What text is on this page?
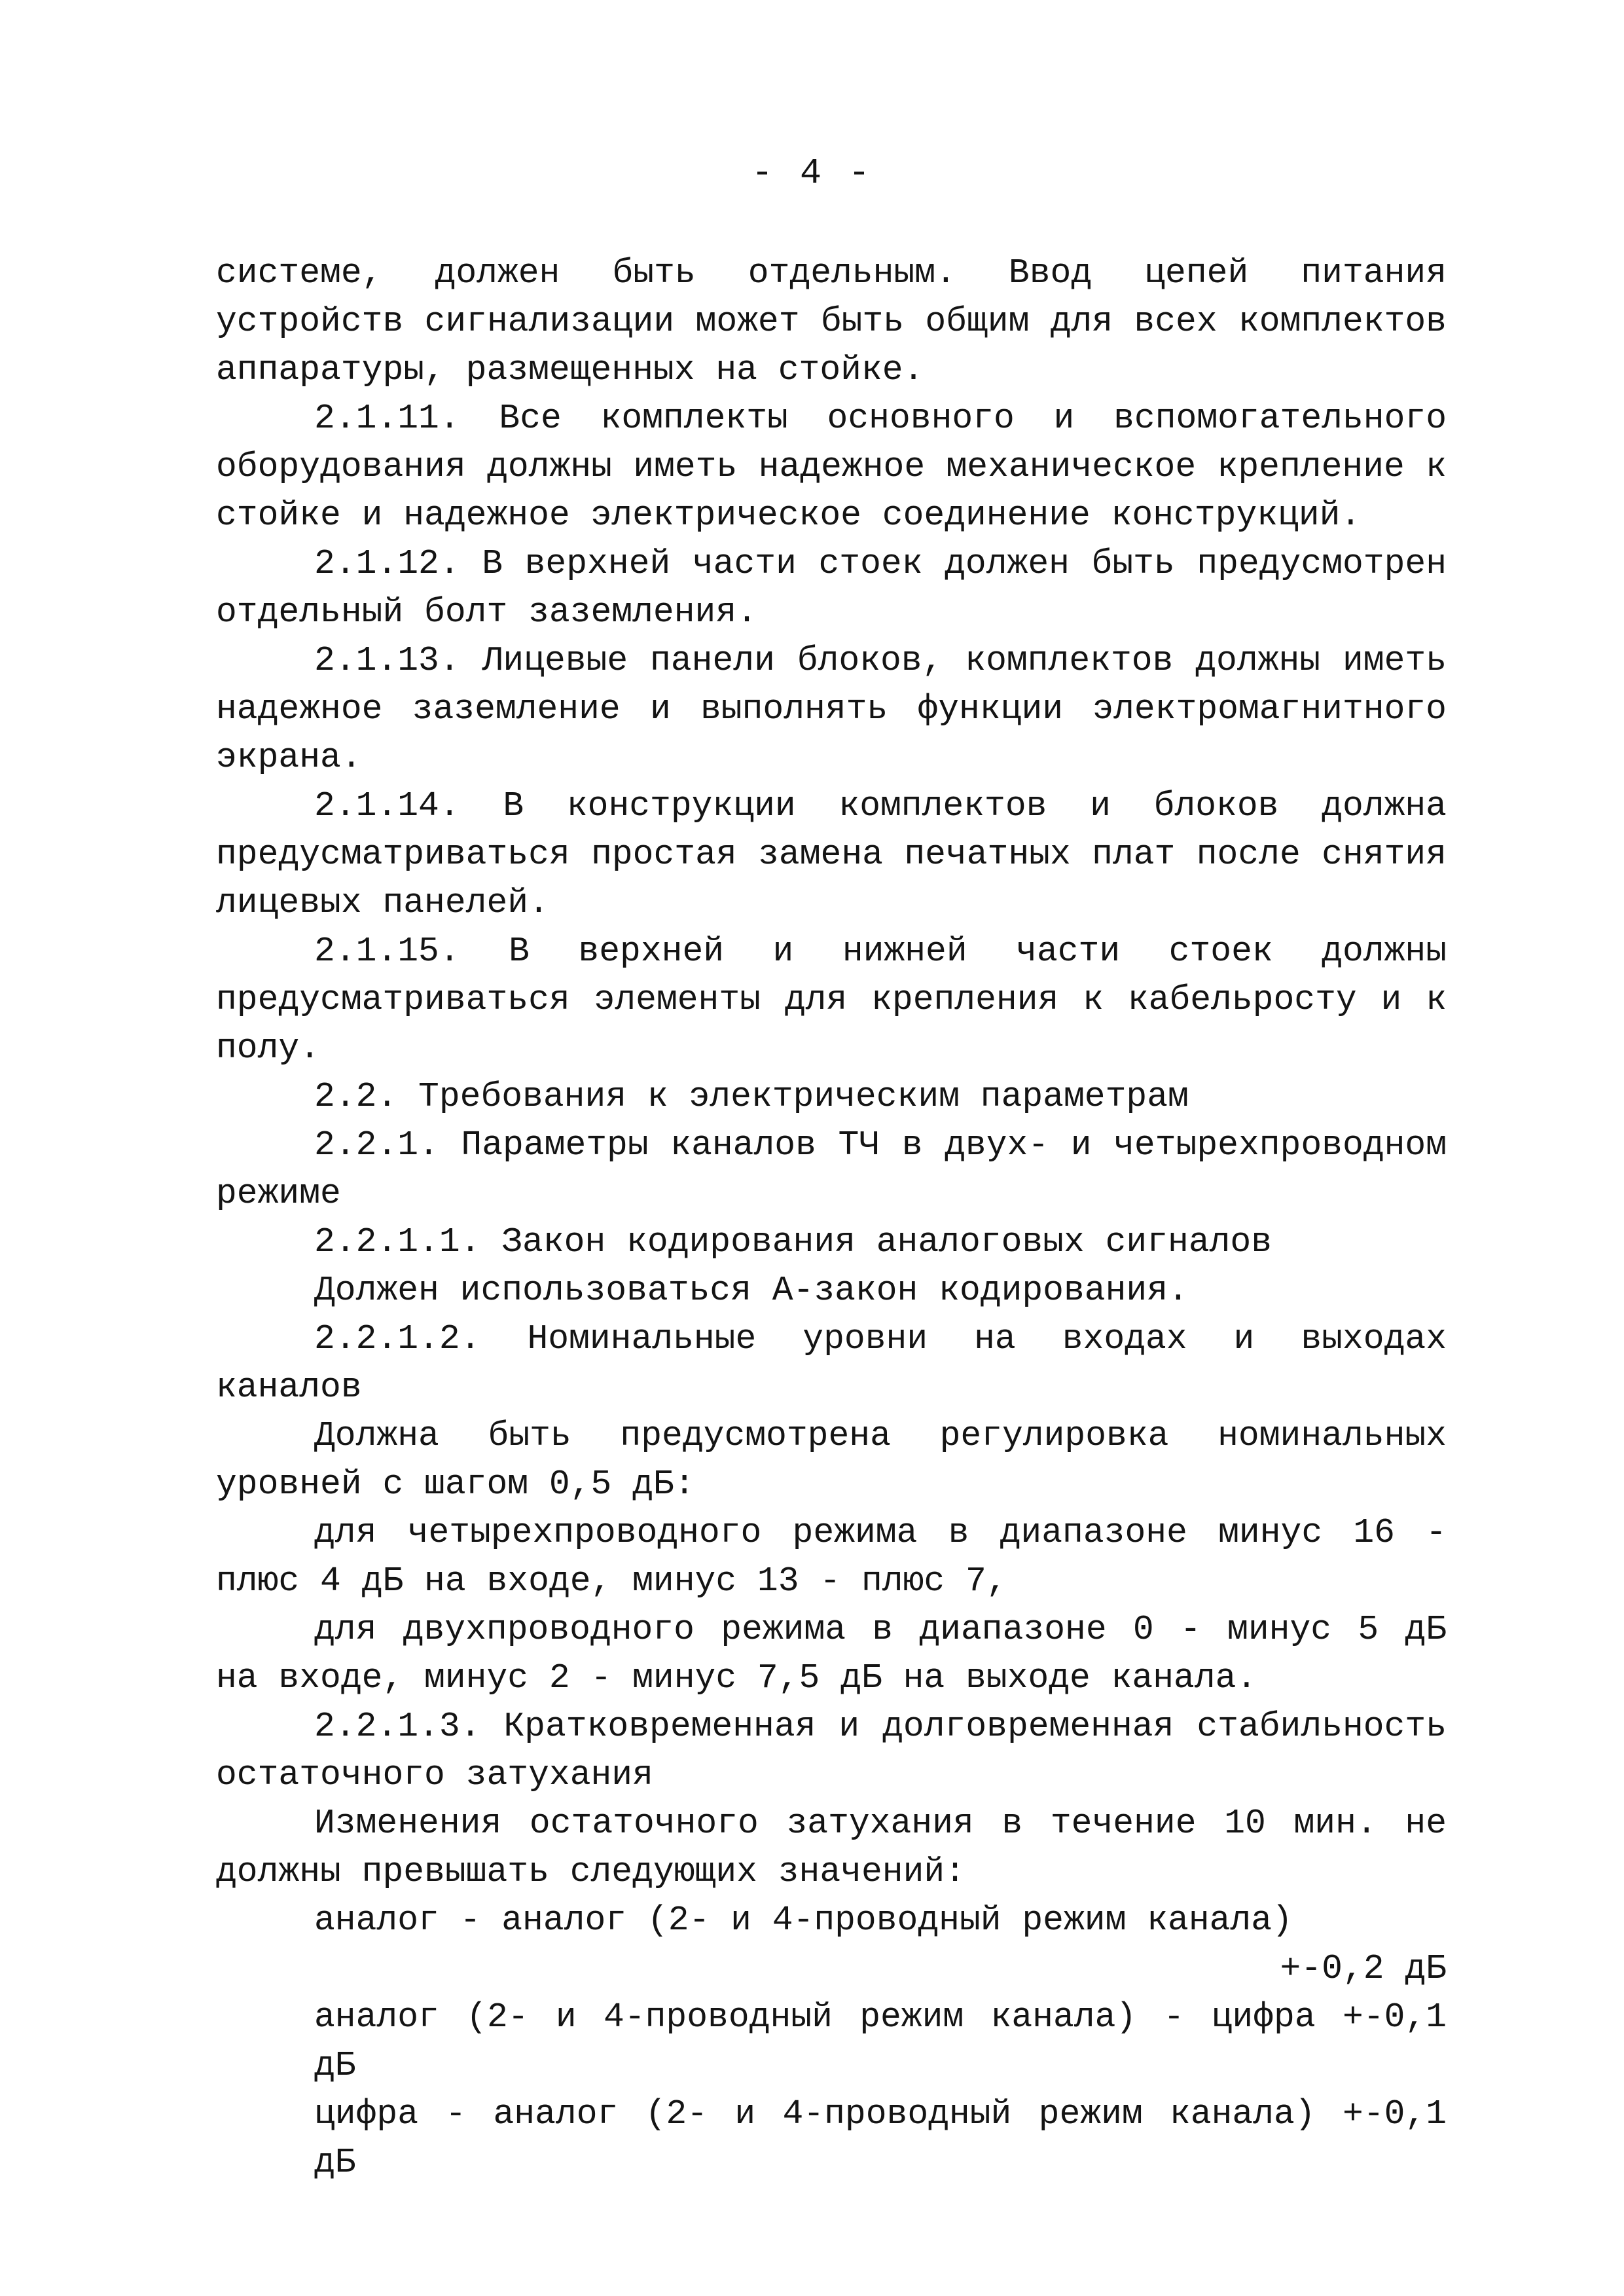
- 4 -

системе, должен быть отдельным. Ввод цепей питания устройств сигнализации может быть общим для всех комплектов аппаратуры, размещенных на стойке.

2.1.11. Все комплекты основного и вспомогательного оборудования должны иметь надежное механическое крепление к стойке и надежное электрическое соединение конструкций.

2.1.12. В верхней части стоек должен быть предусмотрен отдельный болт заземления.

2.1.13. Лицевые панели блоков, комплектов должны иметь надежное заземление и выполнять функции электромагнитного экрана.

2.1.14. В конструкции комплектов и блоков должна предусматриваться простая замена печатных плат после снятия лицевых панелей.

2.1.15. В верхней и нижней части стоек должны предусматриваться элементы для крепления к кабельросту и к полу.

2.2. Требования к электрическим параметрам

2.2.1. Параметры каналов ТЧ в двух- и четырехпроводном режиме

2.2.1.1. Закон кодирования аналоговых сигналов

Должен использоваться А-закон кодирования.

2.2.1.2. Номинальные уровни на входах и выходах каналов

Должна быть предусмотрена регулировка номинальных уровней с шагом 0,5 дБ:

для четырехпроводного режима в диапазоне минус 16 - плюс 4 дБ на входе, минус 13 - плюс 7,

для двухпроводного режима в диапазоне 0 - минус 5 дБ на входе, минус 2 - минус 7,5 дБ на выходе канала.

2.2.1.3. Кратковременная и долговременная стабильность остаточного затухания

Изменения остаточного затухания в течение 10 мин. не должны превышать следующих значений:

аналог - аналог (2- и 4-проводный режим канала)

+-0,2 дБ

аналог (2- и 4-проводный режим канала) - цифра +-0,1 дБ

цифра - аналог (2- и 4-проводный режим канала) +-0,1 дБ
